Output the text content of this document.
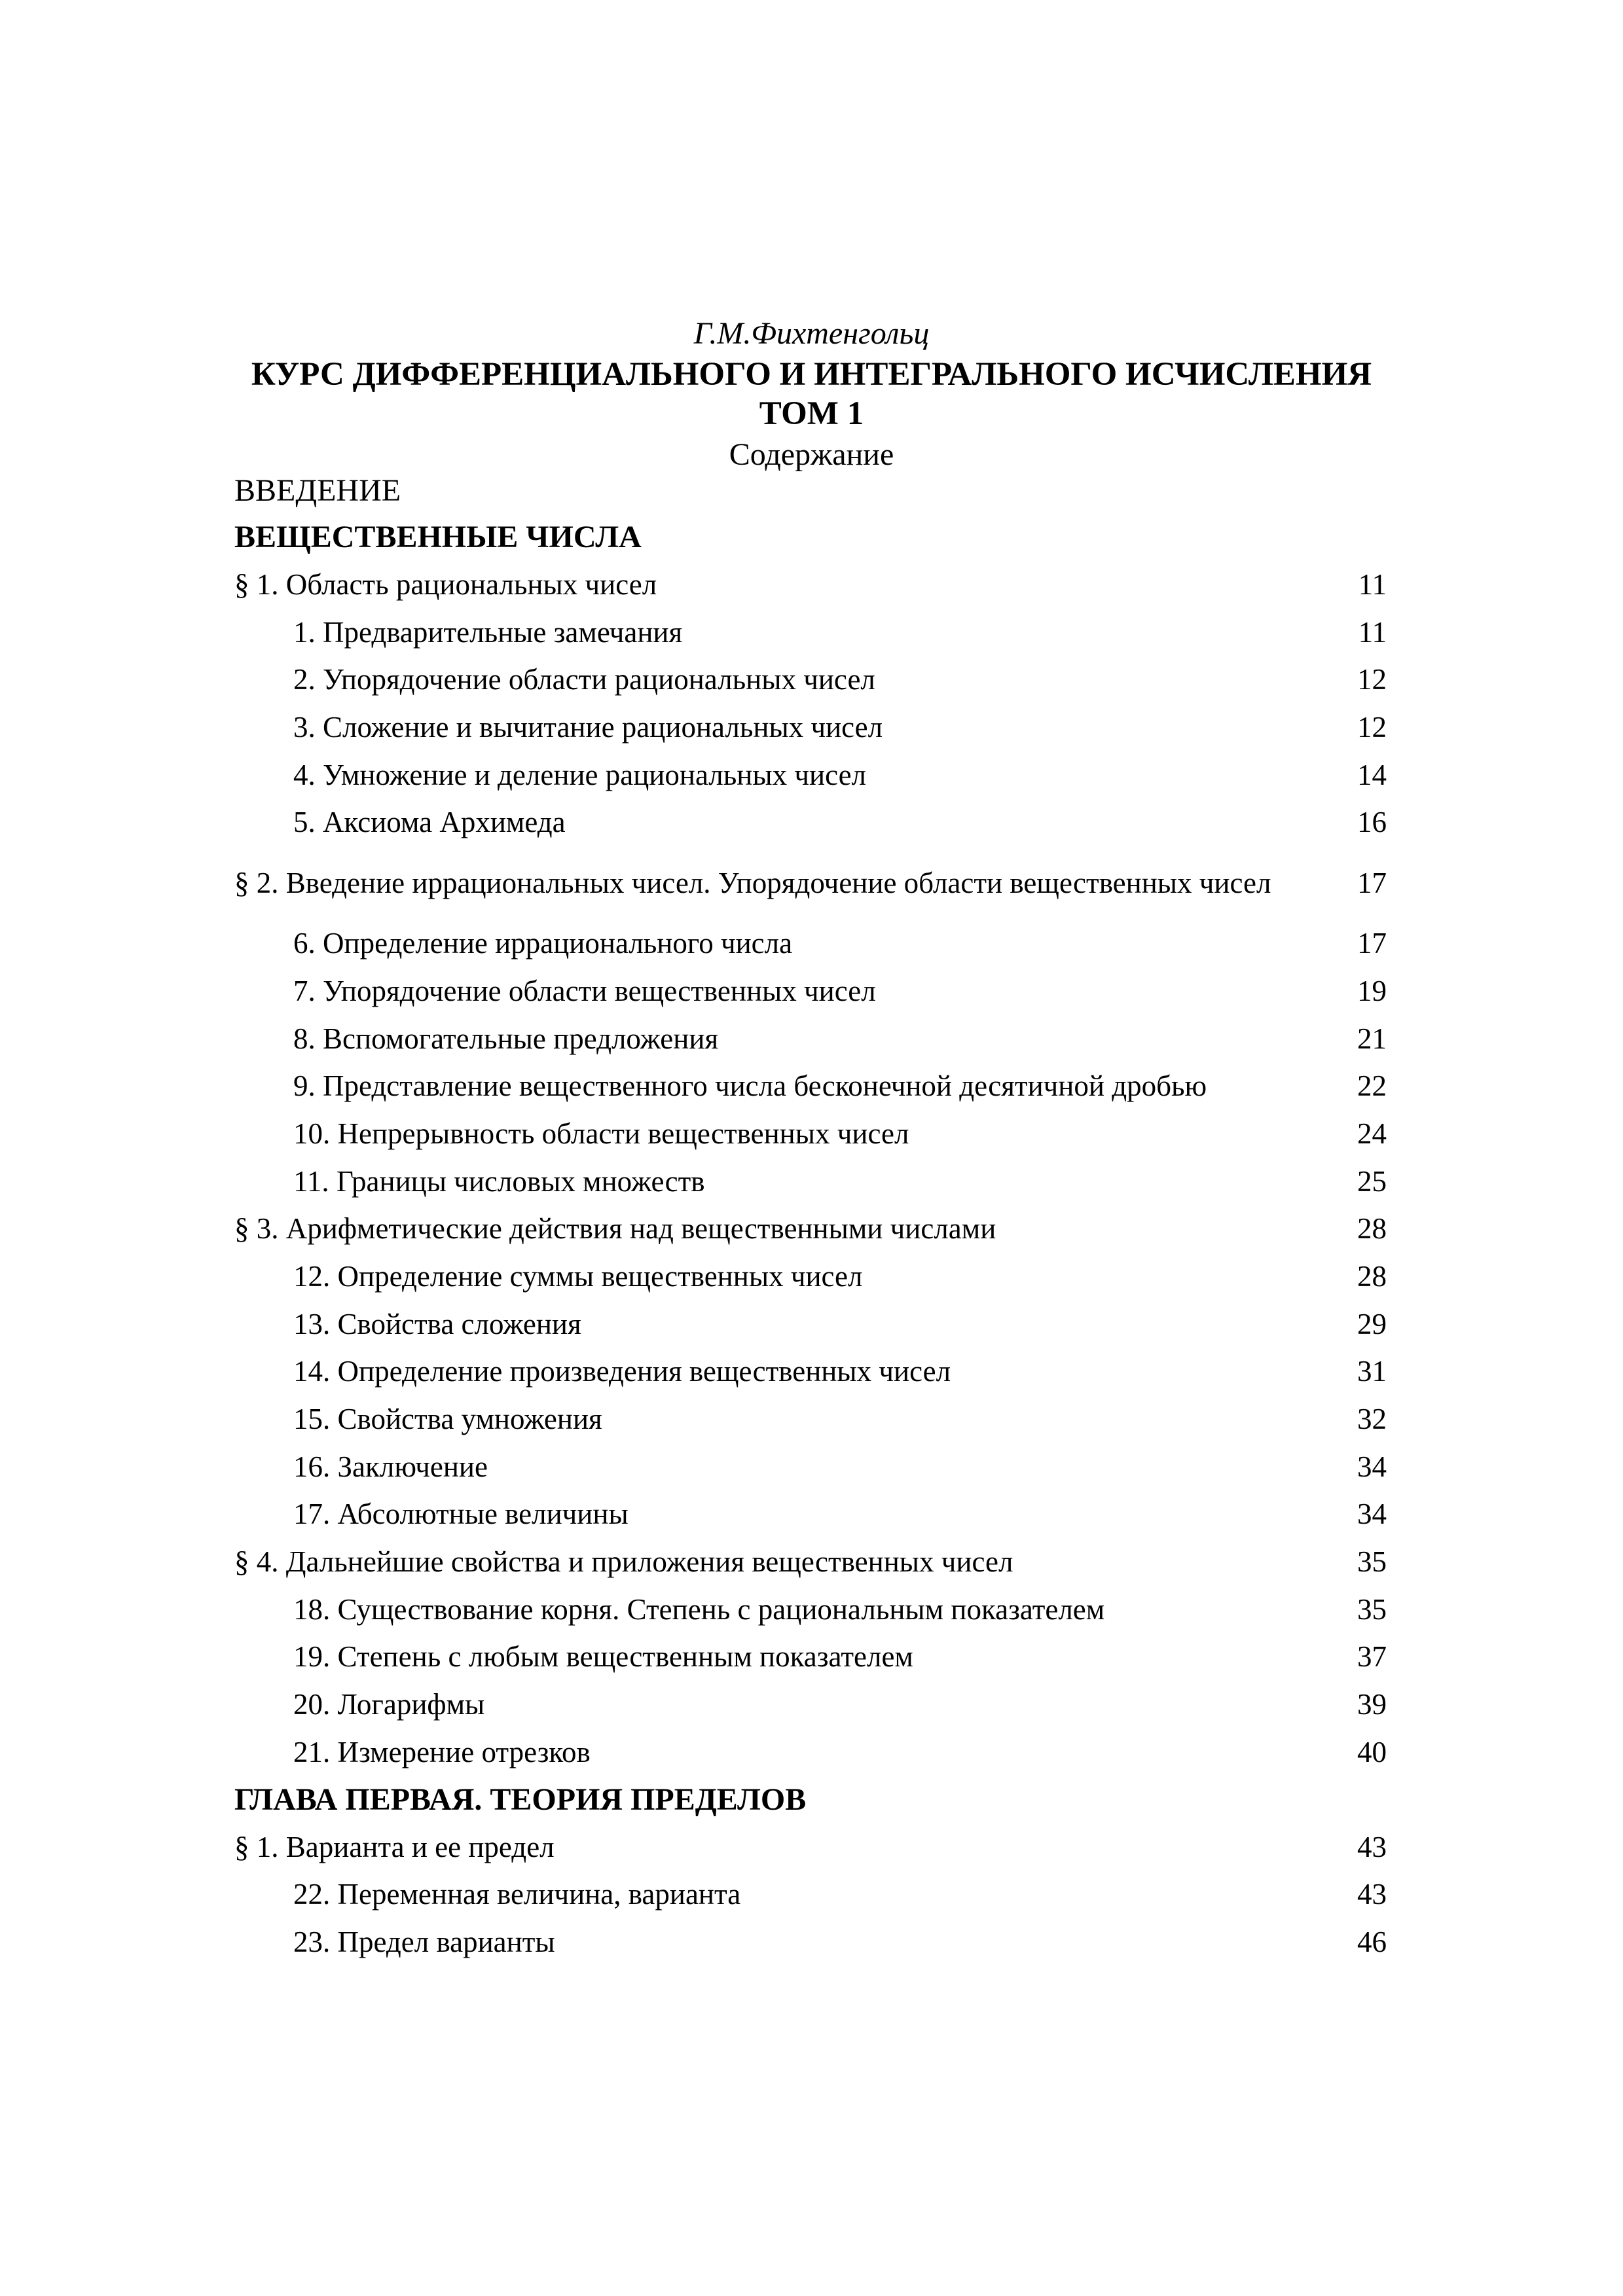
Г.М.Фихтенгольц
КУРС ДИФФЕРЕНЦИАЛЬНОГО И ИНТЕГРАЛЬНОГО ИСЧИСЛЕНИЯ
ТОМ 1
Содержание
ВВЕДЕНИЕ
ВЕЩЕСТВЕННЫЕ ЧИСЛА
§ 1. Область рациональных чисел	11
1. Предварительные замечания	11
2. Упорядочение области рациональных чисел	12
3. Сложение и вычитание рациональных чисел	12
4. Умножение и деление рациональных чисел	14
5. Аксиома Архимеда	16
§ 2. Введение иррациональных чисел. Упорядочение области вещественных чисел	17
6. Определение иррационального числа	17
7. Упорядочение области вещественных чисел	19
8. Вспомогательные предложения	21
9. Представление вещественного числа бесконечной десятичной дробью	22
10. Непрерывность области вещественных чисел	24
11. Границы числовых множеств	25
§ 3. Арифметические действия над вещественными числами	28
12. Определение суммы вещественных чисел	28
13. Свойства сложения	29
14. Определение произведения вещественных чисел	31
15. Свойства умножения	32
16. Заключение	34
17. Абсолютные величины	34
§ 4. Дальнейшие свойства и приложения вещественных чисел	35
18. Существование корня. Степень с рациональным показателем	35
19. Степень с любым вещественным показателем	37
20. Логарифмы	39
21. Измерение отрезков	40
ГЛАВА ПЕРВАЯ. ТЕОРИЯ ПРЕДЕЛОВ
§ 1. Варианта и ее предел	43
22. Переменная величина, варианта	43
23. Предел варианты	46
